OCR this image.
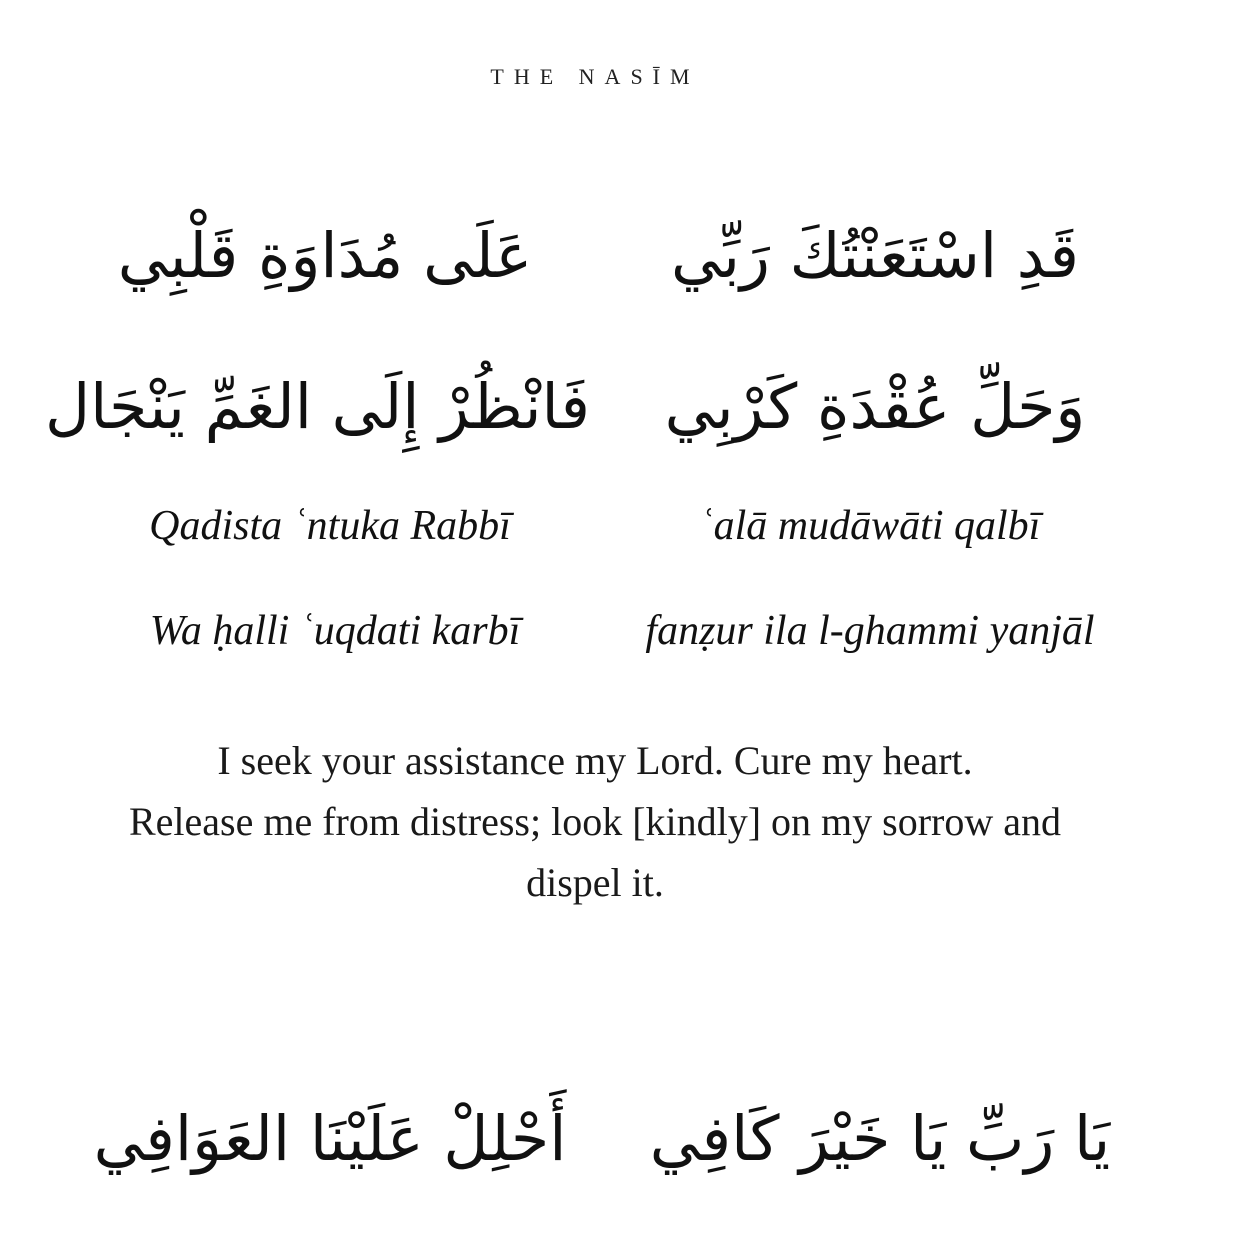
THE NASĪM
قَدِ اسْتَعَنْتُكَ رَبِّي
عَلَى مُدَاوَةِ قَلْبِي
وَحَلِّ عُقْدَةِ كَرْبِي
فَانْظُرْ إِلَى الغَمِّ يَنْجَال
Qadista ʿntuka Rabbī	ʿalā mudāwāti qalbī
Wa ḥalli ʿuqdati karbī	fanẓur ila l-ghammi yanjāl
I seek your assistance my Lord. Cure my heart.
Release me from distress; look [kindly] on my sorrow and dispel it.
يَا رَبِّ يَا خَيْرَ كَافِي
أَحْلِلْ عَلَيْنَا العَوَافِي
